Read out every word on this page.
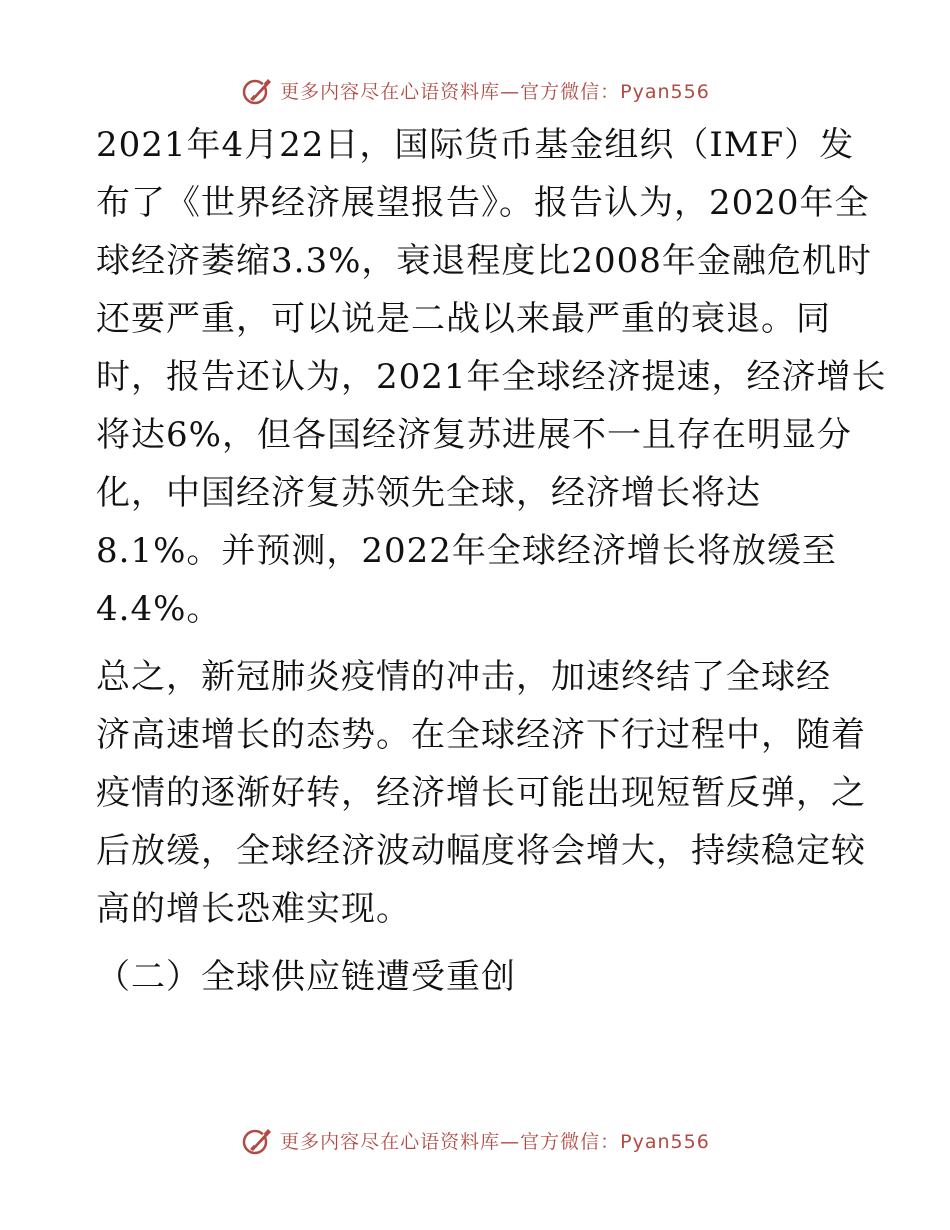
更多内容尽在心语资料库—官方微信：Pyan556
2021年4月22日，国际货币基金组织（IMF）发
布了《世界经济展望报告》。报告认为，2020年全
球经济萎缩3.3%，衰退程度比2008年金融危机时
还要严重，可以说是二战以来最严重的衰退。同
时，报告还认为，2021年全球经济提速，经济增长
将达6%，但各国经济复苏进展不一且存在明显分
化，中国经济复苏领先全球，经济增长将达
8.1%。并预测，2022年全球经济增长将放缓至
4.4%。
总之，新冠肺炎疫情的冲击，加速终结了全球经
济高速增长的态势。在全球经济下行过程中，随着
疫情的逐渐好转，经济增长可能出现短暂反弹，之
后放缓，全球经济波动幅度将会增大，持续稳定较
高的增长恐难实现。
（二）全球供应链遭受重创
更多内容尽在心语资料库—官方微信：Pyan556
